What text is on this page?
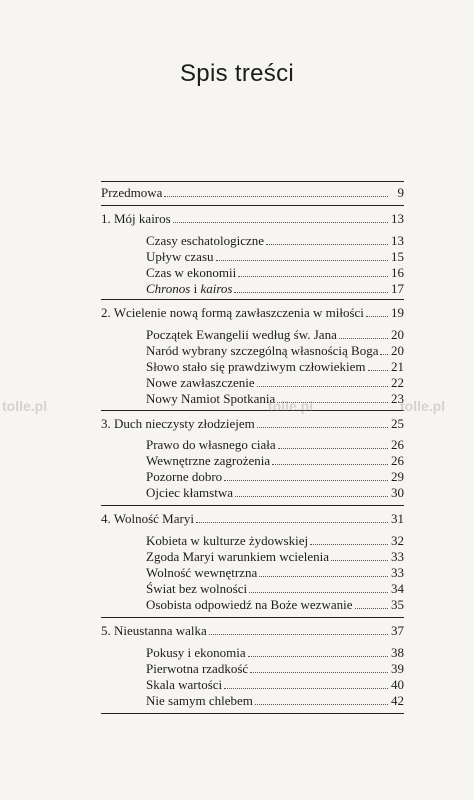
Spis treści
Przedmowa	9
1. Mój kairos	13
Czasy eschatologiczne	13
Upływ czasu	15
Czas w ekonomii	16
Chronos i kairos	17
2. Wcielenie nową formą zawłaszczenia w miłości 19
Początek Ewangelii według św. Jana	20
Naród wybrany szczególną własnością Boga 20
Słowo stało się prawdziwym człowiekiem 21
Nowe zawłaszczenie	22
Nowy Namiot Spotkania	23
3. Duch nieczysty złodziejem	25
Prawo do własnego ciała	26
Wewnętrzne zagrożenia	26
Pozorne dobro	29
Ojciec kłamstwa	30
4. Wolność Maryi	31
Kobieta w kulturze żydowskiej	32
Zgoda Maryi warunkiem wcielenia	33
Wolność wewnętrzna	33
Świat bez wolności	34
Osobista odpowiedź na Boże wezwanie	35
5. Nieustanna walka	37
Pokusy i ekonomia	38
Pierwotna rzadkość	39
Skala wartości	40
Nie samym chlebem	42
tolle.pl	tolle.pl	tolle.pl
